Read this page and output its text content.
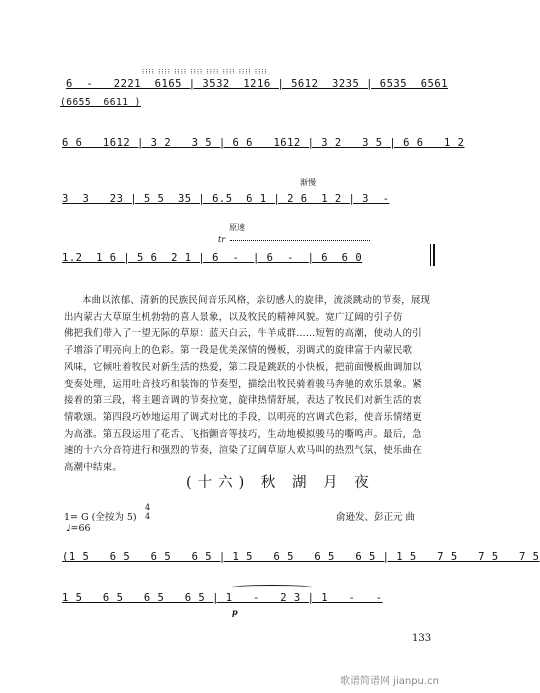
⁝⁝⁝⁝ ⁝⁝⁝⁝ ⁝⁝⁝⁝ ⁝⁝⁝⁝ ⁝⁝⁝⁝ ⁝⁝⁝⁝ ⁝⁝⁝⁝ ⁝⁝⁝⁝
6  -   2221  6165 | 3532  1216 | 5612  3235 | 6535  6561
(6655  6611 )
6 6   1612 | 3 2   3 5 | 6 6   1612 | 3 2   3 5 | 6 6   1 2
渐慢
3  3   23 | 5 5  35 | 6.5  6 1 | 2 6  1 2 | 3  -
原速
tr
1.2  1 6 | 5 6  2 1 | 6  -  | 6  -  | 6  6 0
本曲以浓郁、清新的民族民间音乐风格，亲切感人的旋律，流淡跳动的节奏，展现
出内蒙古大草原生机勃勃的喜人景象，以及牧民的精神风貌。宽广辽阔的引子仿
佛把我们带入了一望无际的草原：蓝天白云，牛羊成群……短暂的高潮，使动人的引
子增添了明亮向上的色彩。第一段是优美深情的慢板，羽调式的旋律富于内蒙民歌
风味，它倾吐着牧民对新生活的热爱，第二段是跳跃的小快板，把前面慢板曲调加以
变奏处理，运用吐音技巧和装饰的节奏型，描绘出牧民骑着骏马奔驰的欢乐景象。紧
接着的第三段，将主题音调的节奏拉宽，旋律热情舒展，表达了牧民们对新生活的衷
情歌颂。第四段巧妙地运用了调式对比的手段，以明亮的宫调式色彩，使音乐情绪更
为高涨。第五段运用了花舌、飞指颤音等技巧，生动地模拟骏马的嘶鸣声。最后，急
速的十六分音符进行和强烈的节奏，渲染了辽阔草原人欢马叫的热烈气氛，使乐曲在
高潮中结束。
(十六) 秋 湖 月 夜
1= G (全按为 5)
4
4	俞逊发、彭正元 曲
♩=66
(1 5   6 5   6 5   6 5 | 1 5   6 5   6 5   6 5 | 1 5   7 5   7 5   7 5
1 5   6 5   6 5   6 5 | 1   -   2 3 | 1   -   -
p
133
歌谱简谱网 jianpu.cn
